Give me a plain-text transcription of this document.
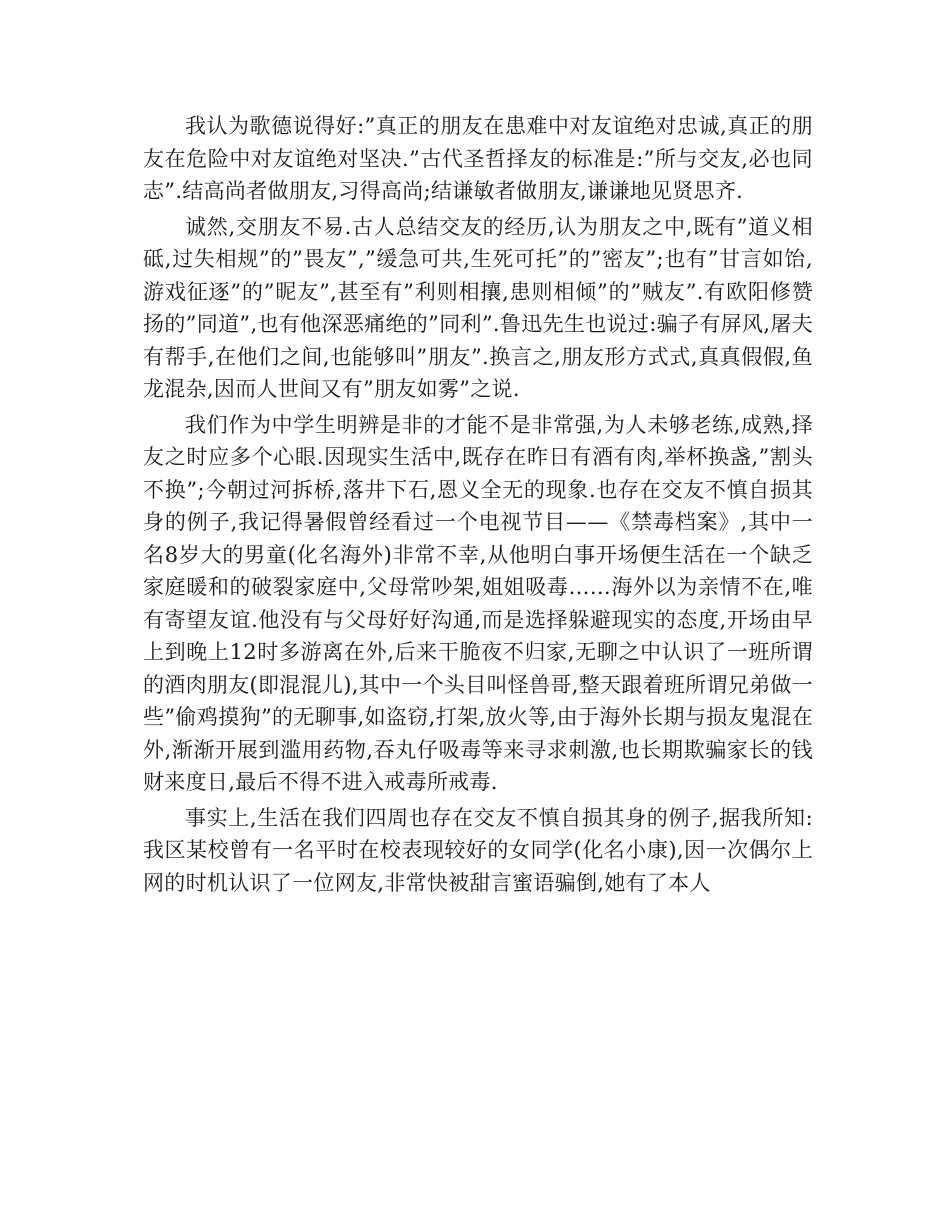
我认为歌德说得好:”真正的朋友在患难中对友谊绝对忠诚,真正的朋友在危险中对友谊绝对坚决.”古代圣哲择友的标准是:”所与交友,必也同志”.结高尚者做朋友,习得高尚;结谦敏者做朋友,谦谦地见贤思齐.

诚然,交朋友不易.古人总结交友的经历,认为朋友之中,既有”道义相砥,过失相规”的”畏友”,”缓急可共,生死可托”的”密友”;也有”甘言如饴,游戏征逐”的”昵友”,甚至有”利则相攘,患则相倾”的”贼友”.有欧阳修赞扬的”同道”,也有他深恶痛绝的”同利”.鲁迅先生也说过:骗子有屏风,屠夫有帮手,在他们之间,也能够叫”朋友”.换言之,朋友形方式式,真真假假,鱼龙混杂,因而人世间又有”朋友如雾”之说.

我们作为中学生明辨是非的才能不是非常强,为人未够老练,成熟,择友之时应多个心眼.因现实生活中,既存在昨日有酒有肉,举杯换盏,”割头不换”;今朝过河拆桥,落井下石,恩义全无的现象.也存在交友不慎自损其身的例子,我记得暑假曾经看过一个电视节目——《禁毒档案》,其中一名8岁大的男童(化名海外)非常不幸,从他明白事开场便生活在一个缺乏家庭暖和的破裂家庭中,父母常吵架,姐姐吸毒……海外以为亲情不在,唯有寄望友谊.他没有与父母好好沟通,而是选择躲避现实的态度,开场由早上到晚上12时多游离在外,后来干脆夜不归家,无聊之中认识了一班所谓的酒肉朋友(即混混儿),其中一个头目叫怪兽哥,整天跟着班所谓兄弟做一些”偷鸡摸狗”的无聊事,如盗窃,打架,放火等,由于海外长期与损友鬼混在外,渐渐开展到滥用药物,吞丸仔吸毒等来寻求刺激,也长期欺骗家长的钱财来度日,最后不得不进入戒毒所戒毒.

事实上,生活在我们四周也存在交友不慎自损其身的例子,据我所知:我区某校曾有一名平时在校表现较好的女同学(化名小康),因一次偶尔上网的时机认识了一位网友,非常快被甜言蜜语骗倒,她有了本人
